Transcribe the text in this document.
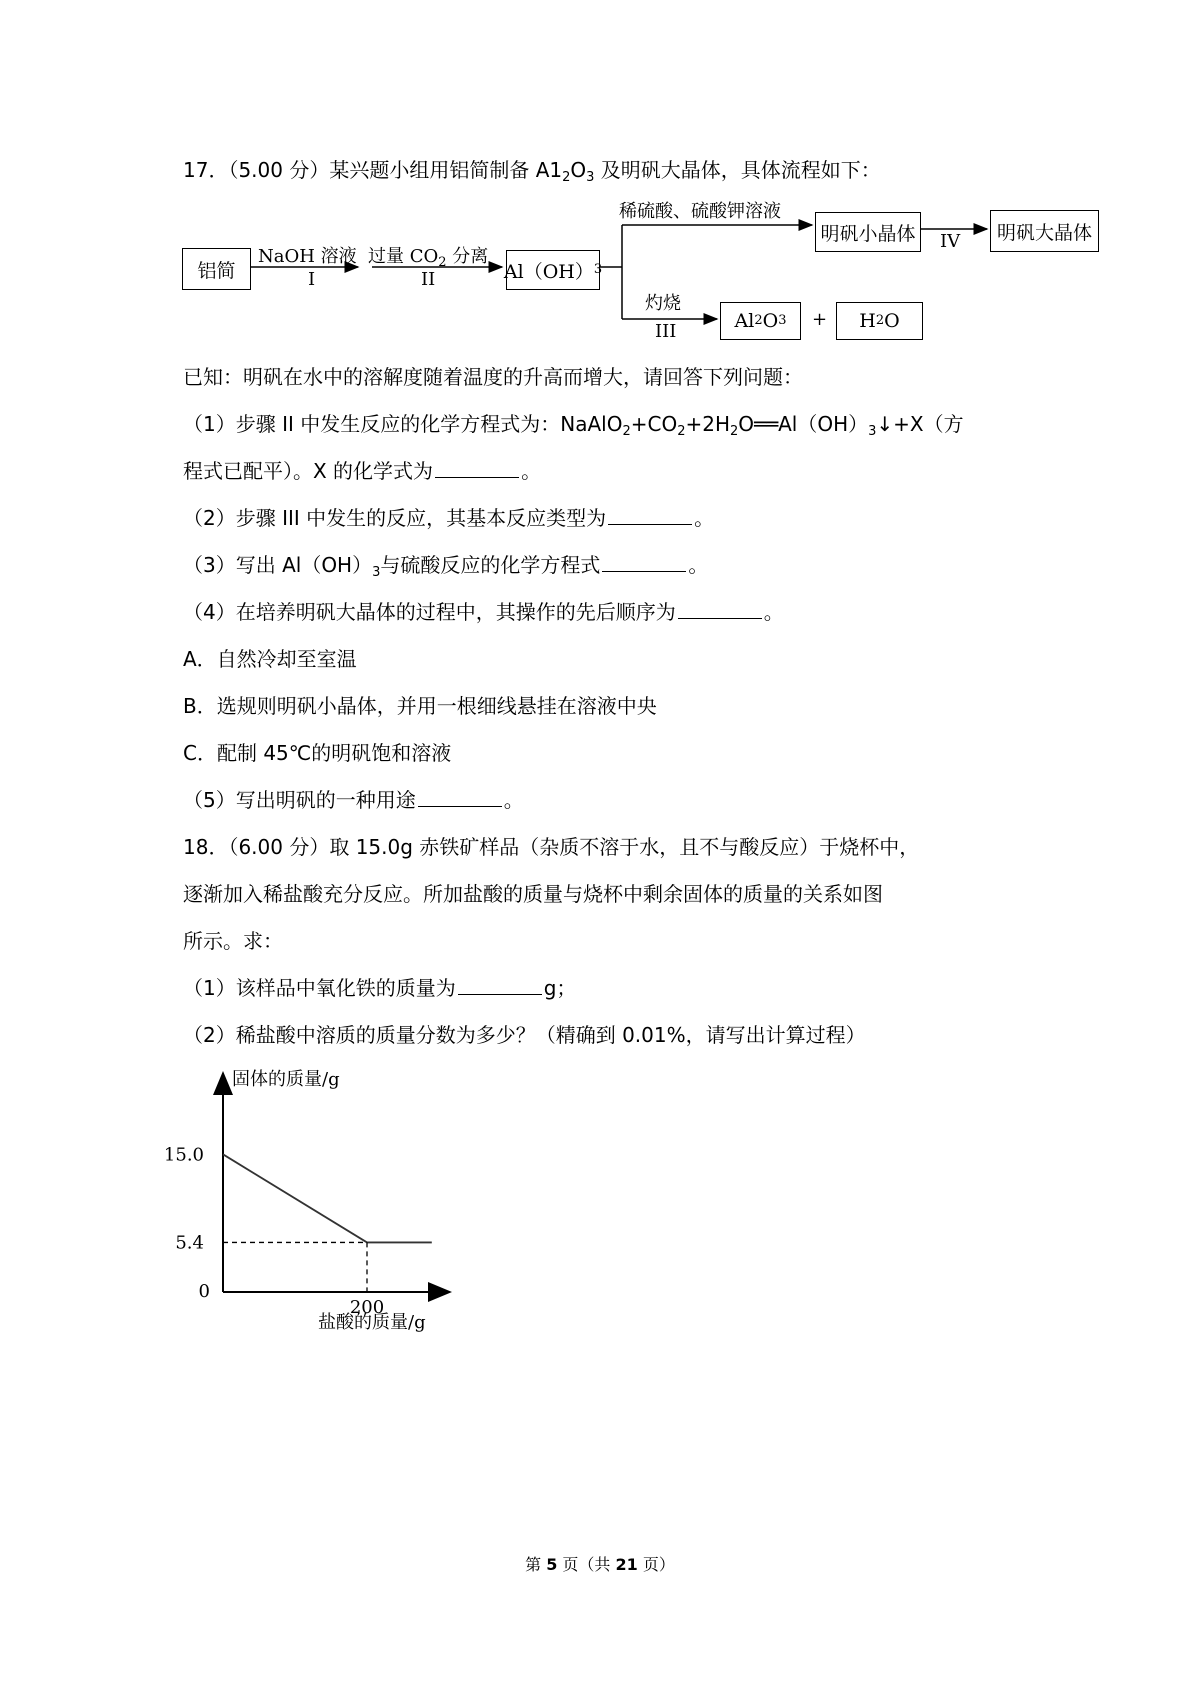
17．（5.00 分）某兴题小组用铝简制备 $A1_2O_3$ 及明矾大晶体，具体流程如下：
铝简
NaOH 溶液
I
过量 $CO_2$ 分离
II	Al（OH） 3
稀硫酸、硫酸钾溶液
明矾小晶体 IV 明矾大晶体
灼烧
III	Al 2 O 3 + H 2 O
已知：明矾在水中的溶解度随着温度的升高而增大，请回答下列问题：
（1）步骤 II 中发生反应的化学方程式为：$NaAlO_2+CO_2+2H_2O══Al(OH)_3↓+X$（方
程式已配平）。X 的化学式为	。
（2）步骤 III 中发生的反应，其基本反应类型为	。
（3）写出 $Al(OH)_3$与硫酸反应的化学方程式	。
（4）在培养明矾大晶体的过程中，其操作的先后顺序为	。
A．自然冷却至室温
B．选规则明矾小晶体，并用一根细线悬挂在溶液中央
C．配制 45℃的明矾饱和溶液
（5）写出明矾的一种用途	。
18．（6.00 分）取 15.0g 赤铁矿样品（杂质不溶于水，且不与酸反应）于烧杯中，
逐渐加入稀盐酸充分反应。所加盐酸的质量与烧杯中剩余固体的质量的关系如图
所示。求：
（1）该样品中氧化铁的质量为	g；
（2）稀盐酸中溶质的质量分数为多少？（精确到 0.01%，请写出计算过程）
固体的质量/g
盐酸的质量/g
0
15.0
5.4
200
第 5 页（共 21 页）
